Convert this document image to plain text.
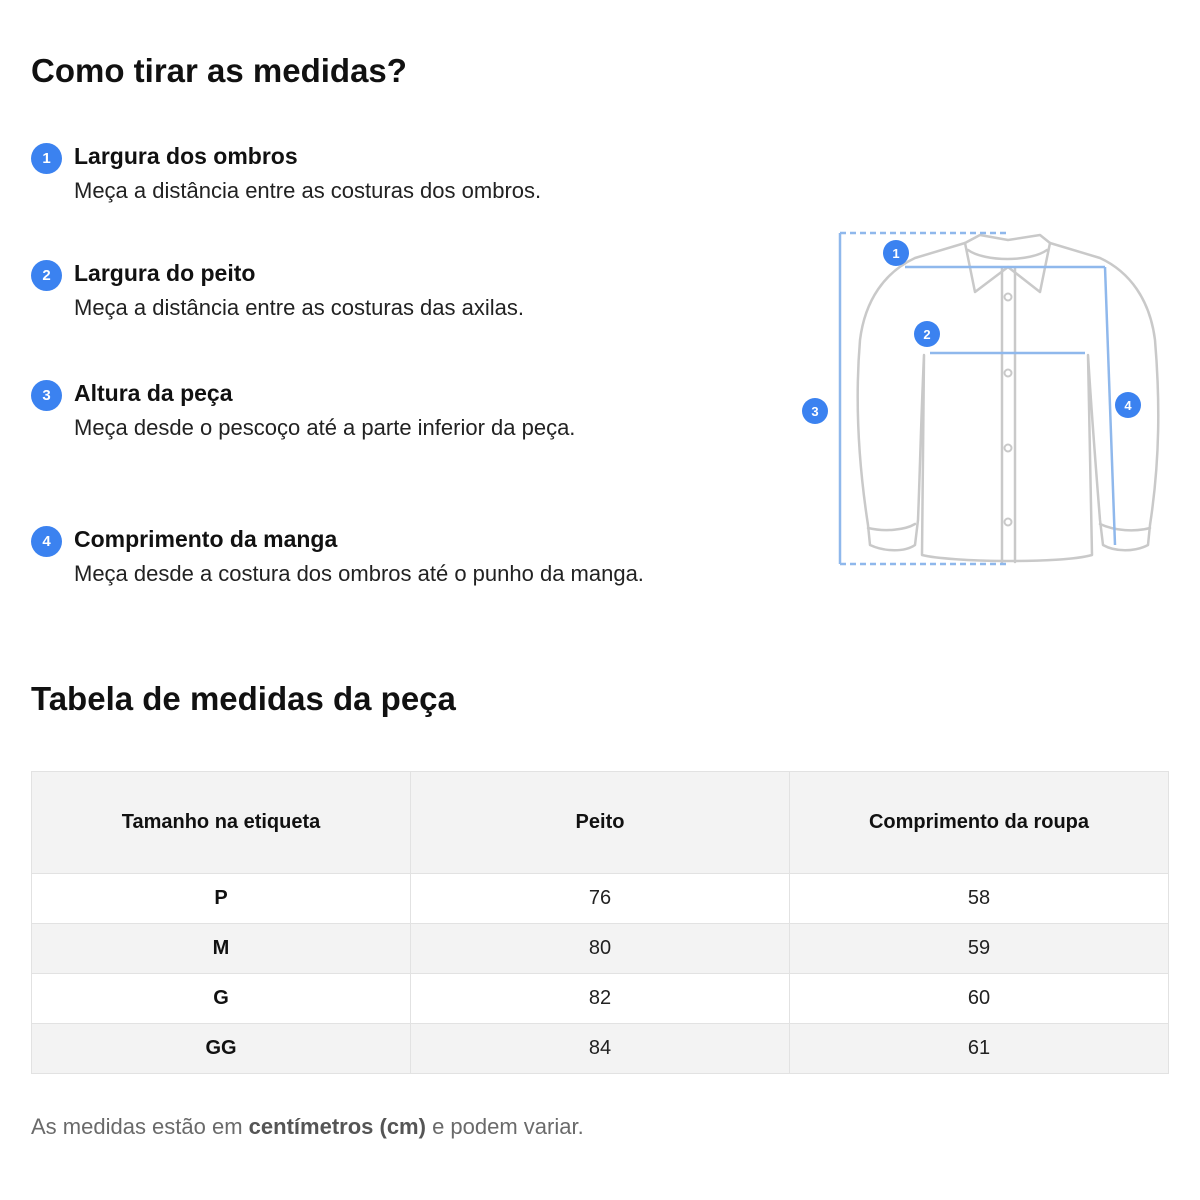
Como tirar as medidas?
1	Largura dos ombros
Meça a distância entre as costuras dos ombros.
2	Largura do peito
Meça a distância entre as costuras das axilas.
3	Altura da peça
Meça desde o pescoço até a parte inferior da peça.
4	Comprimento da manga
Meça desde a costura dos ombros até o punho da manga.
1
2
3	4
Tabela de medidas da peça
Tamanho na etiqueta	Peito	Comprimento da roupa
P	76	58
M	80	59
G	82	60
GG	84	61
As medidas estão em centímetros (cm) e podem variar.
